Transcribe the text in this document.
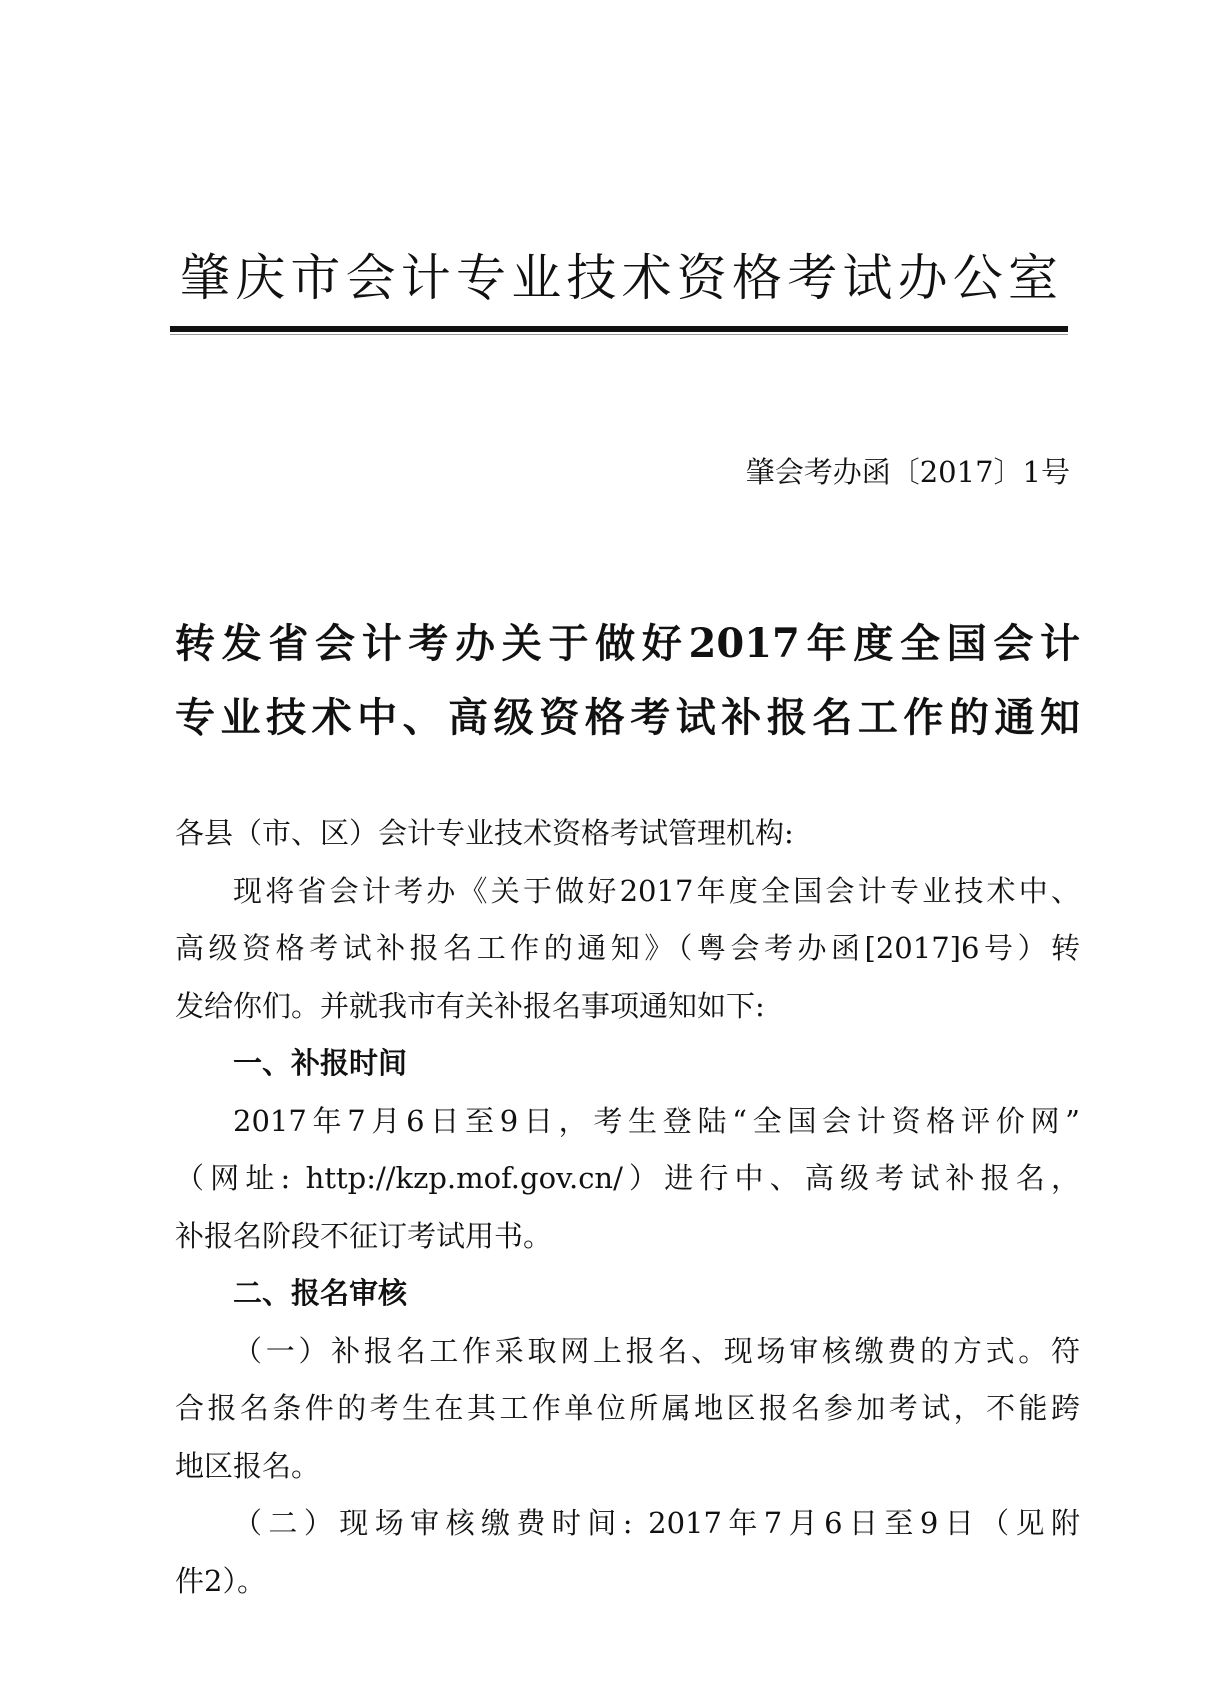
肇庆市会计专业技术资格考试办公室
肇会考办函〔2017〕1号
转发省会计考办关于做好2017年度全国会计
专业技术中、高级资格考试补报名工作的通知
各县（市、区）会计专业技术资格考试管理机构:
现将省会计考办《关于做好2017年度全国会计专业技术中、
高级资格考试补报名工作的通知》（粤会考办函[2017]6号）转
发给你们。并就我市有关补报名事项通知如下:
一、补报时间
2017年7月6日至9日，考生登陆“全国会计资格评价网”
（网址: http://kzp.mof.gov.cn/）进行中、高级考试补报名，
补报名阶段不征订考试用书。
二、报名审核
（一）补报名工作采取网上报名、现场审核缴费的方式。符
合报名条件的考生在其工作单位所属地区报名参加考试，不能跨
地区报名。
（二）现场审核缴费时间: 2017年7月6日至9日（见附
件2）。
